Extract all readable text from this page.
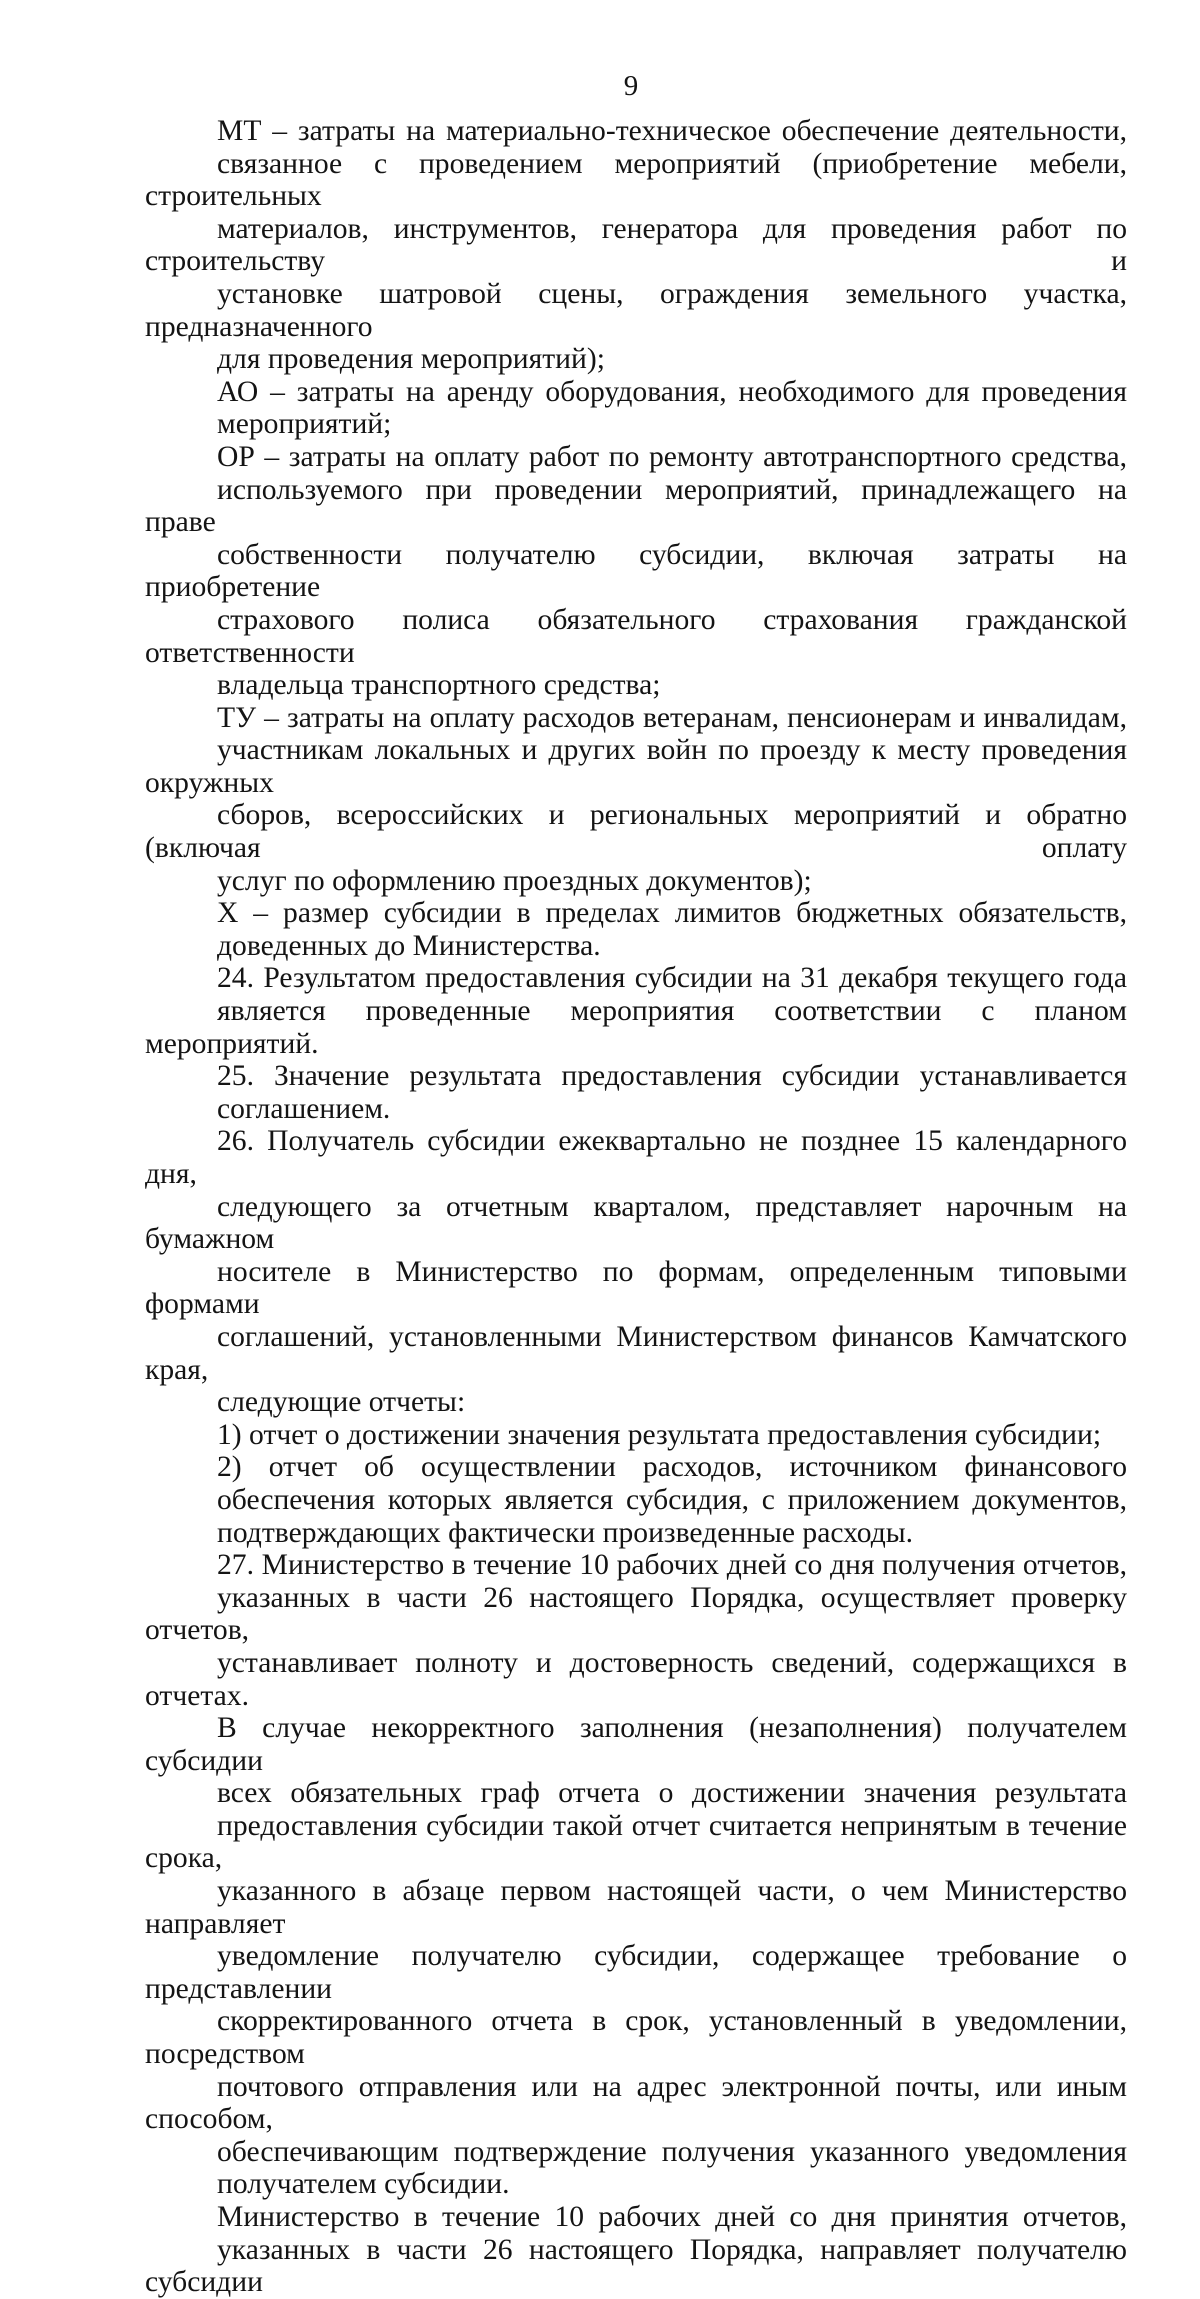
9

МТ – затраты на материально-техническое обеспечение деятельности,
связанное с проведением мероприятий (приобретение мебели, строительных
материалов, инструментов, генератора для проведения работ по строительству и
установке шатровой сцены, ограждения земельного участка, предназначенного
для проведения мероприятий);

АО – затраты на аренду оборудования, необходимого для проведения
мероприятий;

ОР – затраты на оплату работ по ремонту автотранспортного средства,
используемого при проведении мероприятий, принадлежащего на праве
собственности получателю субсидии, включая затраты на приобретение
страхового полиса обязательного страхования гражданской ответственности
владельца транспортного средства;

ТУ – затраты на оплату расходов ветеранам, пенсионерам и инвалидам,
участникам локальных и других войн по проезду к месту проведения окружных
сборов, всероссийских и региональных мероприятий и обратно (включая оплату
услуг по оформлению проездных документов);

Х – размер субсидии в пределах лимитов бюджетных обязательств,
доведенных до Министерства.

24. Результатом предоставления субсидии на 31 декабря текущего года
является проведенные мероприятия соответствии с планом мероприятий.

25. Значение результата предоставления субсидии устанавливается
соглашением.

26. Получатель субсидии ежеквартально не позднее 15 календарного дня,
следующего за отчетным кварталом, представляет нарочным на бумажном
носителе в Министерство по формам, определенным типовыми формами
соглашений, установленными Министерством финансов Камчатского края,
следующие отчеты:

1) отчет о достижении значения результата предоставления субсидии;

2) отчет об осуществлении расходов, источником финансового
обеспечения которых является субсидия, с приложением документов,
подтверждающих фактически произведенные расходы.

27. Министерство в течение 10 рабочих дней со дня получения отчетов,
указанных в части 26 настоящего Порядка, осуществляет проверку отчетов,
устанавливает полноту и достоверность сведений, содержащихся в отчетах.

В случае некорректного заполнения (незаполнения) получателем субсидии
всех обязательных граф отчета о достижении значения результата
предоставления субсидии такой отчет считается непринятым в течение срока,
указанного в абзаце первом настоящей части, о чем Министерство направляет
уведомление получателю субсидии, содержащее требование о представлении
скорректированного отчета в срок, установленный в уведомлении, посредством
почтового отправления или на адрес электронной почты, или иным способом,
обеспечивающим подтверждение получения указанного уведомления
получателем субсидии.

Министерство в течение 10 рабочих дней со дня принятия отчетов,
указанных в части 26 настоящего Порядка, направляет получателю субсидии
